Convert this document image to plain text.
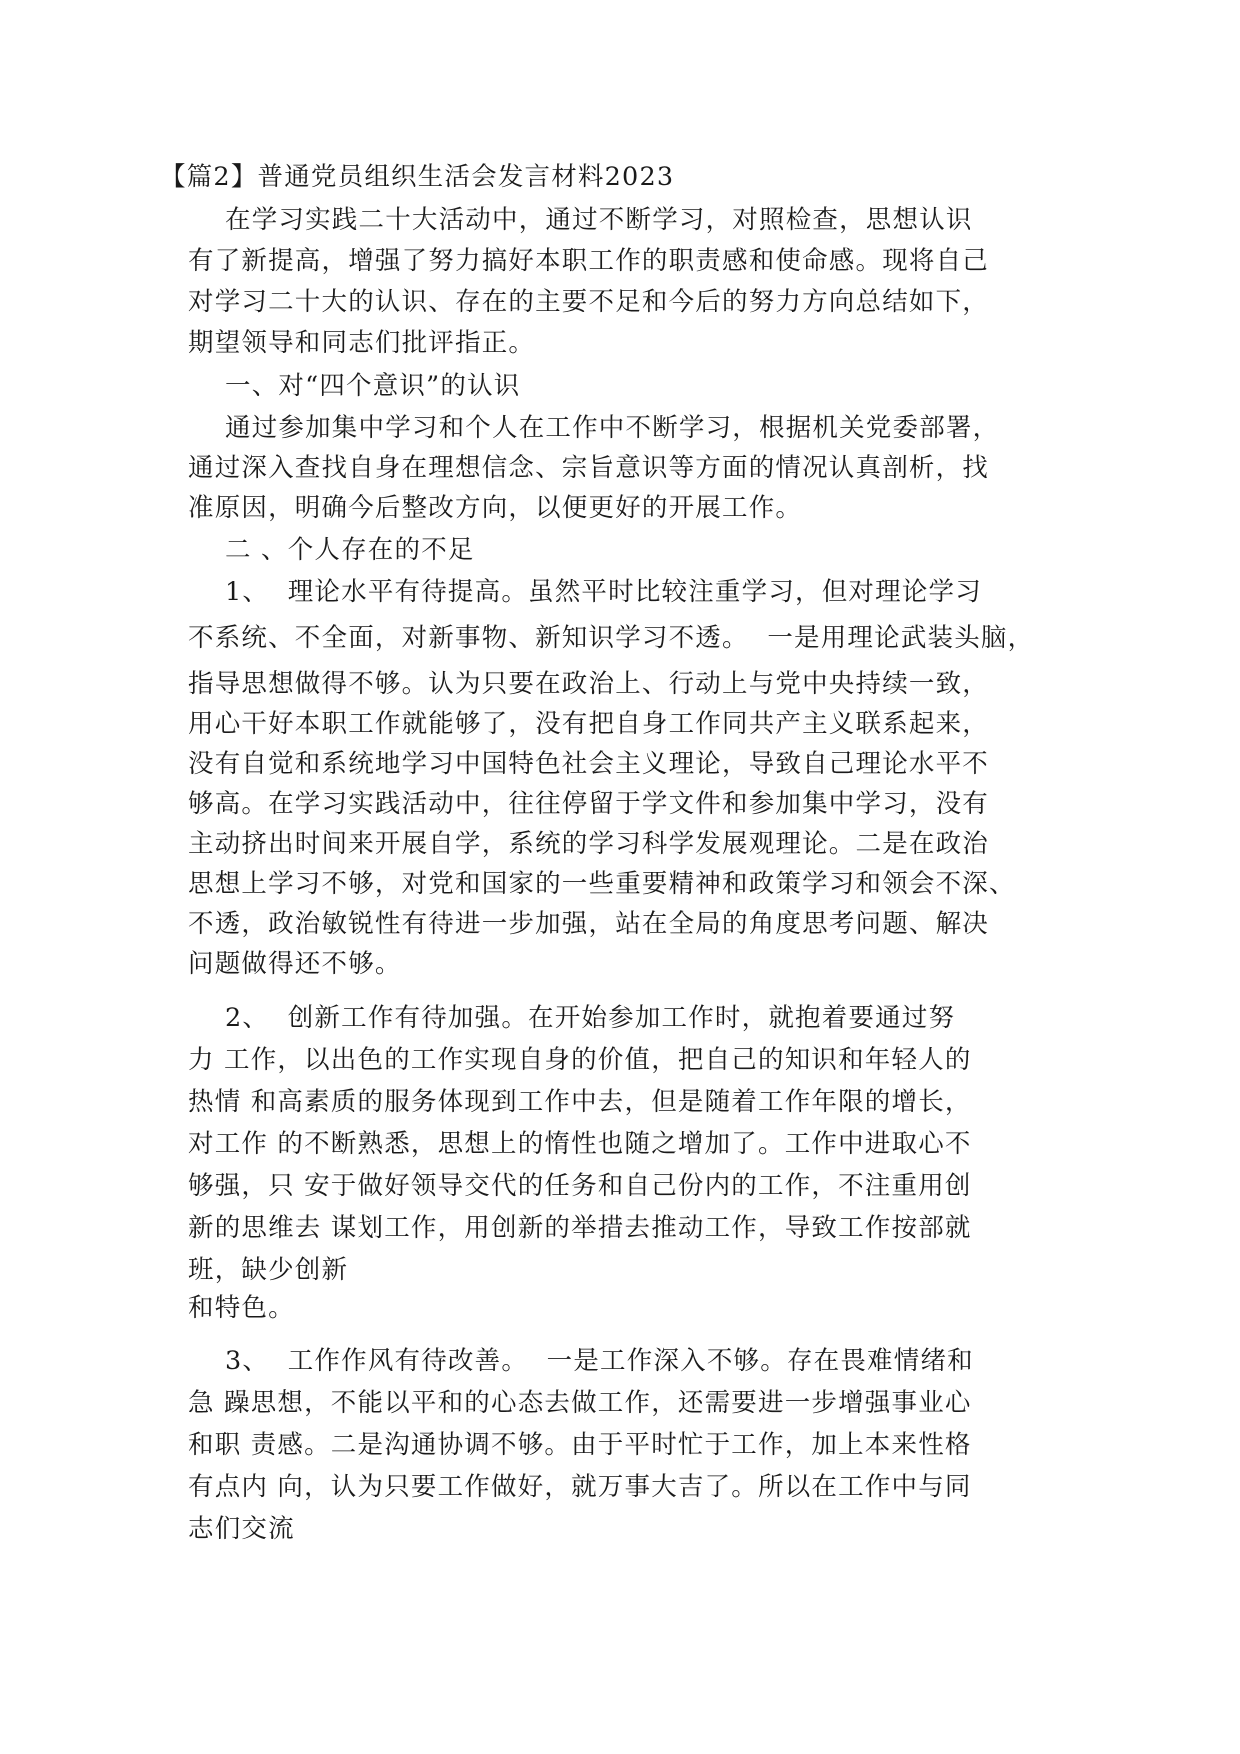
【篇2】普通党员组织生活会发言材料2023
在学习实践二十大活动中，通过不断学习，对照检查，思想认识
有了新提高，增强了努力搞好本职工作的职责感和使命感。现将自己
对学习二十大的认识、存在的主要不足和今后的努力方向总结如下，
期望领导和同志们批评指正。
一、对“四个意识”的认识
通过参加集中学习和个人在工作中不断学习，根据机关党委部署，
通过深入查找自身在理想信念、宗旨意识等方面的情况认真剖析，找
准原因，明确今后整改方向，以便更好的开展工作。
二 、个人存在的不足
1、  理论水平有待提高。虽然平时比较注重学习，但对理论学习
不系统、不全面，对新事物、新知识学习不透。  一是用理论武装头脑，
指导思想做得不够。认为只要在政治上、行动上与党中央持续一致，
用心干好本职工作就能够了，没有把自身工作同共产主义联系起来，
没有自觉和系统地学习中国特色社会主义理论，导致自己理论水平不
够高。在学习实践活动中，往往停留于学文件和参加集中学习，没有
主动挤出时间来开展自学，系统的学习科学发展观理论。二是在政治
思想上学习不够，对党和国家的一些重要精神和政策学习和领会不深、
不透，政治敏锐性有待进一步加强，站在全局的角度思考问题、解决
问题做得还不够。
2、  创新工作有待加强。在开始参加工作时，就抱着要通过努
力 工作，以出色的工作实现自身的价值，把自己的知识和年轻人的
热情 和高素质的服务体现到工作中去，但是随着工作年限的增长，
对工作 的不断熟悉，思想上的惰性也随之增加了。工作中进取心不
够强，只 安于做好领导交代的任务和自己份内的工作，不注重用创
新的思维去 谋划工作，用创新的举措去推动工作，导致工作按部就
班，缺少创新
和特色。
3、  工作作风有待改善。  一是工作深入不够。存在畏难情绪和
急 躁思想，不能以平和的心态去做工作，还需要进一步增强事业心
和职 责感。二是沟通协调不够。由于平时忙于工作，加上本来性格
有点内 向，认为只要工作做好，就万事大吉了。所以在工作中与同
志们交流
